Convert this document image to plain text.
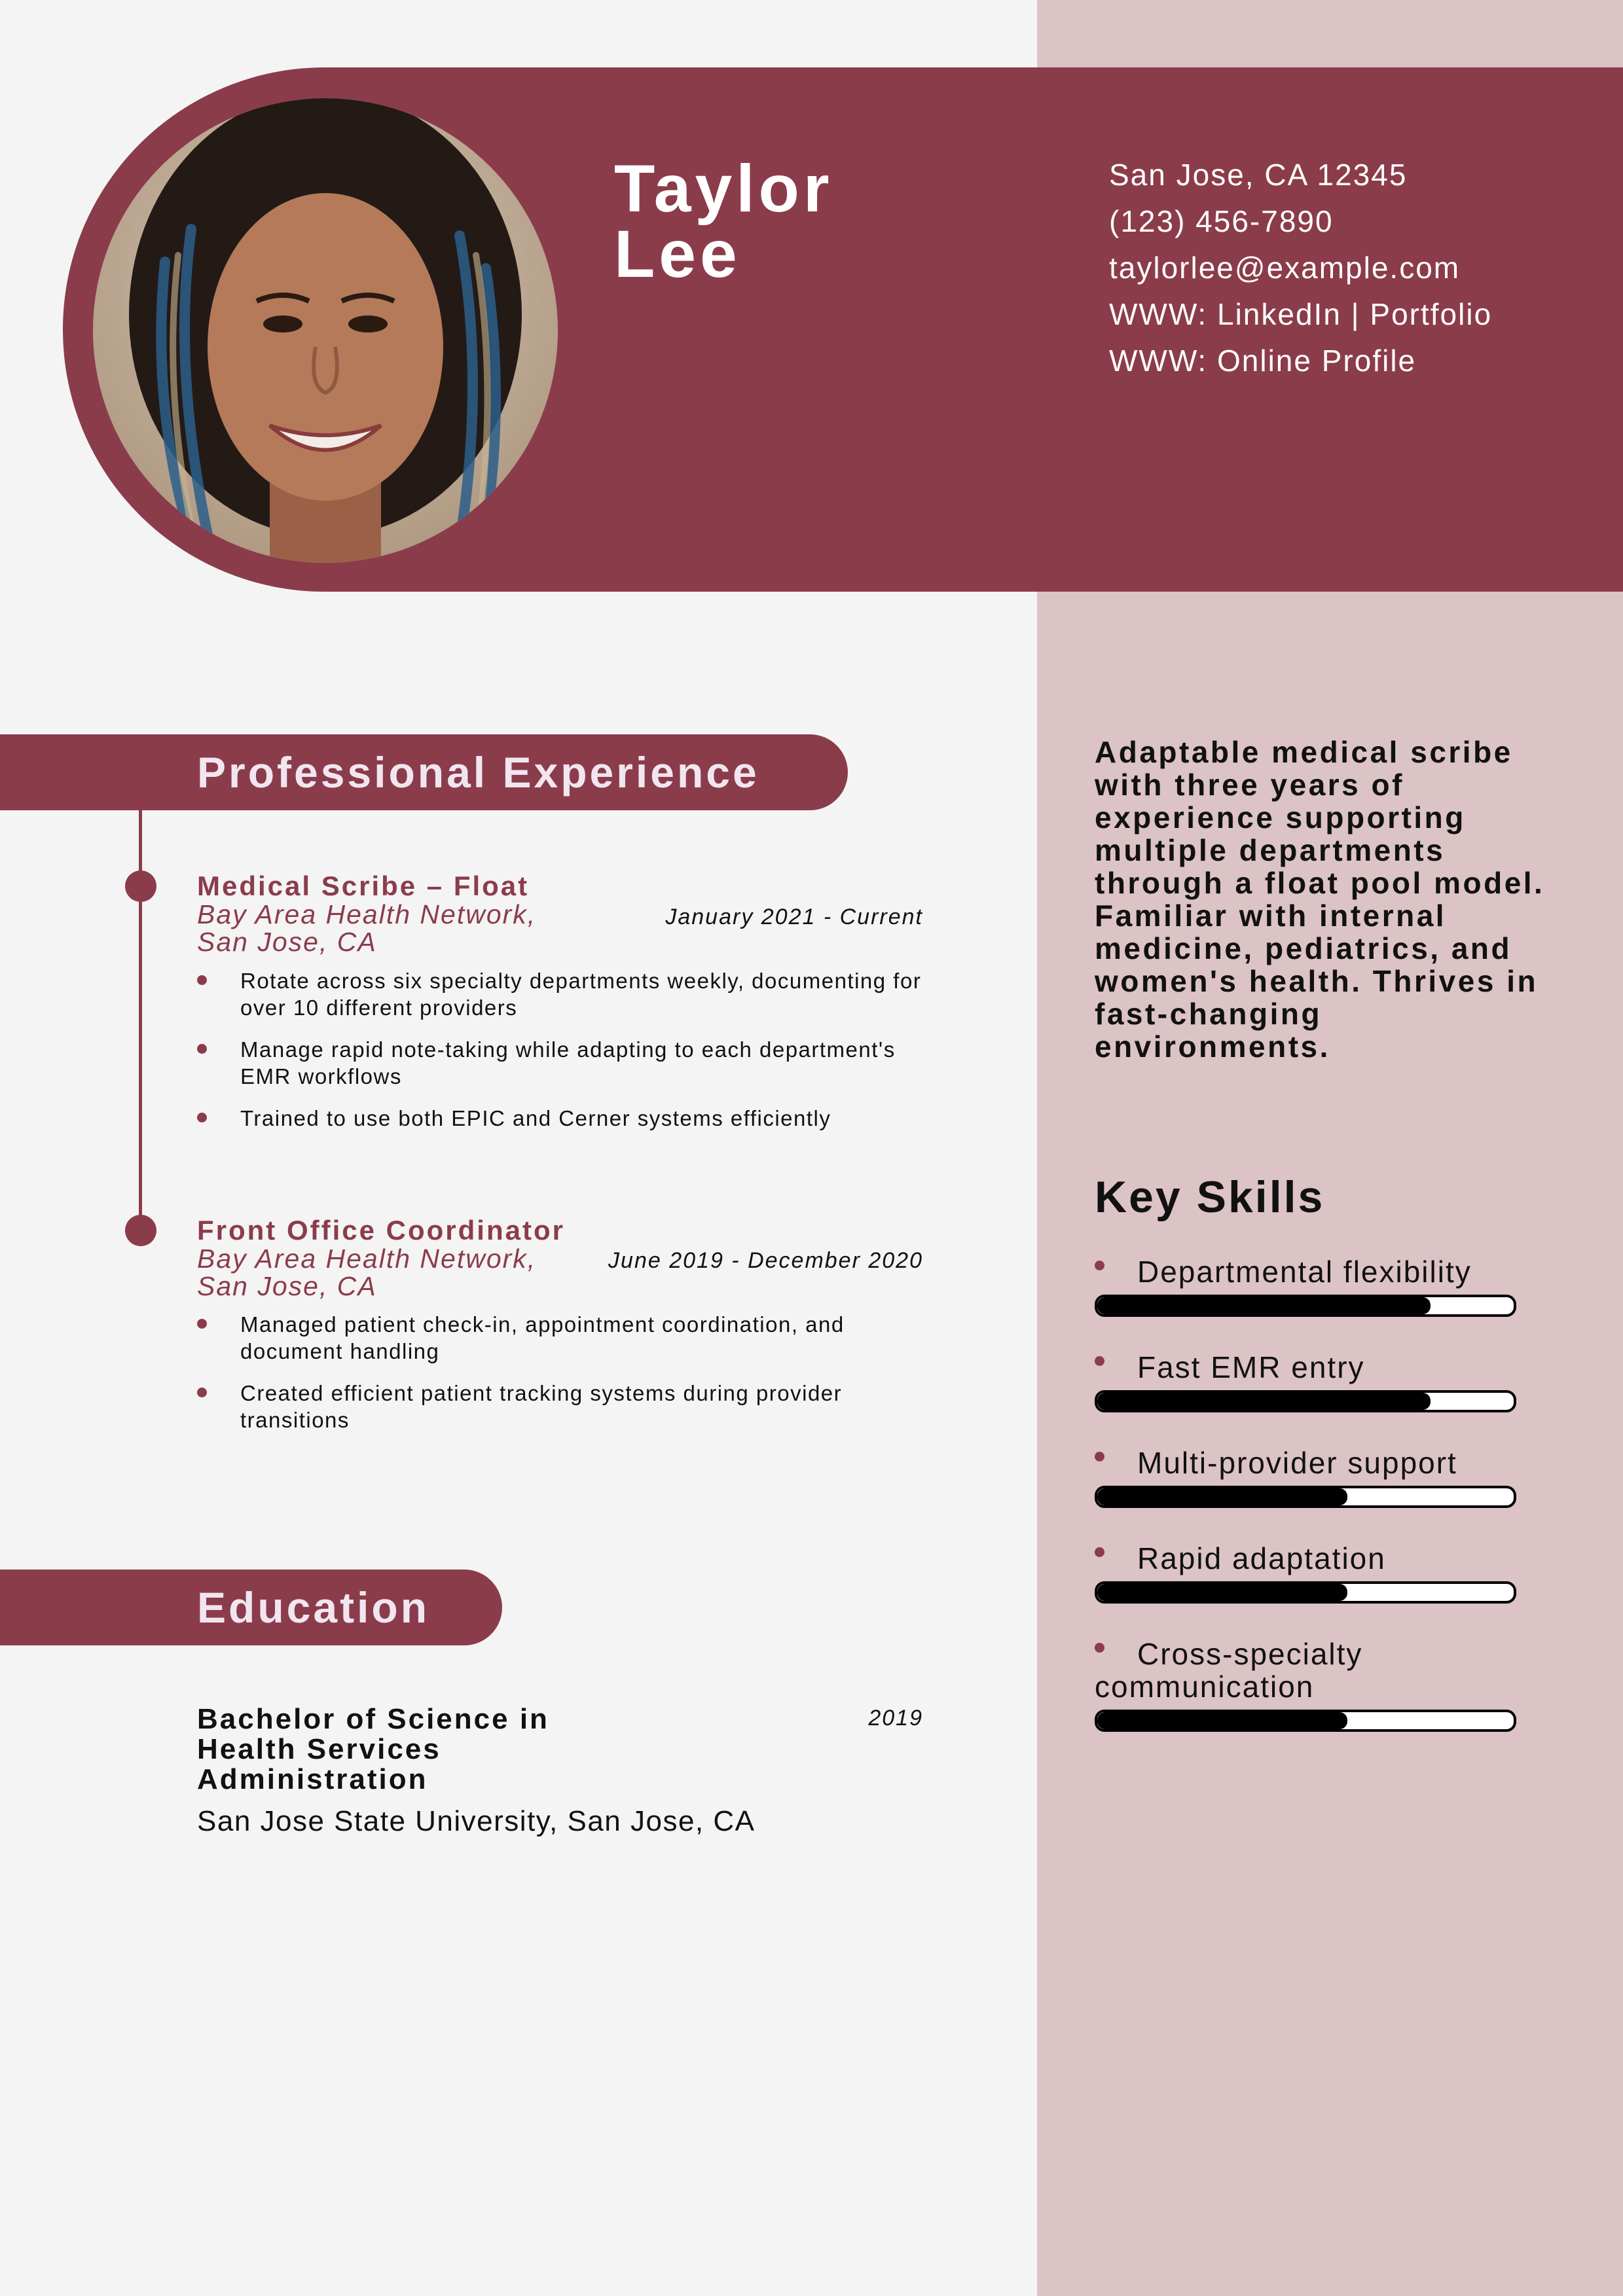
Taylor
Lee
San Jose, CA 12345
(123) 456-7890
taylorlee@example.com
WWW: LinkedIn | Portfolio
WWW: Online Profile
Professional Experience
Medical Scribe – Float
Bay Area Health Network,
San Jose, CA
January 2021 - Current
Rotate across six specialty departments weekly, documenting for over 10 different providers
Manage rapid note-taking while adapting to each department's EMR workflows
Trained to use both EPIC and Cerner systems efficiently
Front Office Coordinator
Bay Area Health Network,
San Jose, CA
June 2019 - December 2020
Managed patient check-in, appointment coordination, and document handling
Created efficient patient tracking systems during provider transitions
Education
Bachelor of Science in Health Services Administration
2019
San Jose State University, San Jose, CA
Adaptable medical scribe with three years of experience supporting multiple departments through a float pool model. Familiar with internal medicine, pediatrics, and women's health. Thrives in fast-changing environments.
Key Skills
Departmental flexibility
Fast EMR entry
Multi-provider support
Rapid adaptation
Cross-specialty communication
